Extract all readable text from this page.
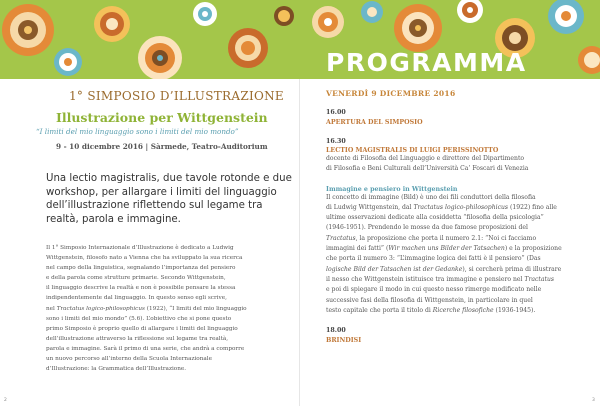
PROGRAMMA
1° SIMPOSIO D’ILLUSTRAZIONE
Illustrazione per Wittgenstein
“I limiti del mio linguaggio sono i limiti del mio mondo”
9 - 10 dicembre 2016 | Sàrmede, Teatro-Auditorium
Una lectio magistralis, due tavole rotonde e due workshop, per allargare i limiti del linguaggio dell’illustrazione riflettendo sul legame tra realtà, parola e immagine.
Il 1° Simposio Internazionale d’Illustrazione è dedicato a Ludwig
Wittgenstein, filosofo nato a Vienna che ha sviluppato la sua ricerca
nel campo della linguistica, segnalando l’importanza del pensiero
e della parola come strutture primarie. Secondo Wittgenstein,
il linguaggio descrive la realtà e non è possibile pensare la stessa
indipendentemente dal linguaggio. In questo senso egli scrive,
nel Tractatus logico-philosophicus (1922), “I limiti del mio linguaggio
sono i limiti del mio mondo” (5.6). L’obiettivo che si pone questo
primo Simposio è proprio quello di allargare i limiti del linguaggio
dell’illustrazione attraverso la riflessione sul legame tra realtà,
parola e immagine. Sarà il primo di una serie, che andrà a comporre
un nuovo percorso all’interno della Scuola Internazionale
d’Illustrazione: la Grammatica dell’Illustrazione.
VENERDÌ 9 DICEMBRE 2016
16.00
APERTURA DEL SIMPOSIO
16.30
LECTIO MAGISTRALIS DI LUIGI PERISSINOTTO
docente di Filosofia del Linguaggio e direttore del Dipartimento
di Filosofia e Beni Culturali dell’Università Ca’ Foscari di Venezia
Immagine e pensiero in Wittgenstein
Il concetto di immagine (Bild) è uno dei fili conduttori della filosofia
di Ludwig Wittgenstein, dal Tractatus logico-philosophicus (1922) fino alle
ultime osservazioni dedicate alla cosiddetta “filosofia della psicologia”
(1946-1951). Prendendo le mosse da due famose proposizioni del
Tractatus, la proposizione che porta il numero 2.1: “Noi ci facciamo
immagini dei fatti” (Wir machen uns Bilder der Tatsachen) e la proposizione
che porta il numero 3: “L’immagine logica dei fatti è il pensiero” (Das
logische Bild der Tatsachen ist der Gedanke), si cercherà prima di illustrare
il nesso che Wittgenstein istituisce tra immagine e pensiero nel Tractatus
e poi di spiegare il modo in cui questo nesso rimerge modificato nelle
successive fasi della filosofia di Wittgenstein, in particolare in quel
testo capitale che porta il titolo di Ricerche filosofiche (1936-1945).
18.00
BRINDISI
2	3
